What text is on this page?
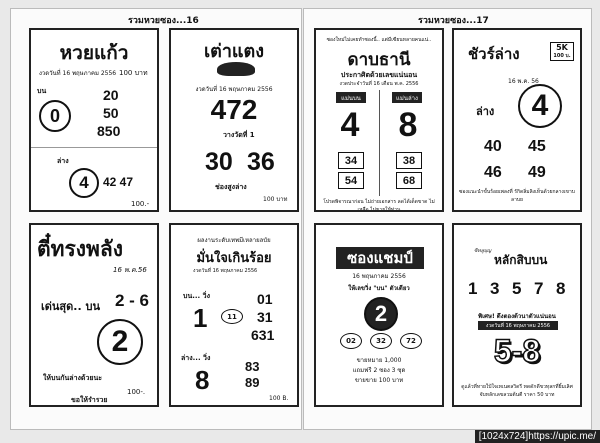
รวมหวยซอง...16	รวมหวยซอง...17
หวยแก้ว
งวดวันที่ 16 พฤษภาคม 2556 100 บาท
บน
0
20
50
850
ล่าง
4 42 47
100.-
เต่าแตง
งวดวันที่ 16 พฤษภาคม 2556
472
วางวัดที่ 1
30 36
ช่องสูงล่าง
100 บาท
ซองใหม่ไม่เคยทำซองนี้.. แต่มีเซียนหลายคนแน่..
ดาบธานี
ประกาศิตด้วยเลขแน่นอน
งวดประจำวันที่ 16 เดือน พ.ค. 2556
แม่นบน	แม่นล่าง
4	8
34	38
54	68
โปรดพิจารณาก่อน ไม่ถ่ายเอกสาร ลดได้เด็ดขาด ไม่เหลือ ไม่ขายให้ท่าน
ชัวร์ล่าง	5K
100 บ.
16 พ.ค. 56
ล่าง 4
40 45
46 49
ซองแนะนำขั้นร้อยเพลงที่ รักิดลิ่มลิงเห็นด้วยกลางเขาบลาบย
ตี๋ทรงพลัง
16 พ.ค.56
เด่นสุด.. บน 2 - 6
2
ให้บนกันล่างด้วยนะ
100-.
ขอให้รำรวย
ผลงานระดับเทพมีเหลายลบัย
มั่นใจเกินร้อย
งวดวันที่ 16 พฤษภาคม 2556
บน... วิ่ง
1	11
01
31
631
ล่าง... วิ่ง
8	83
89
100 B.
ซองแชมป์
16 พฤษภาคม 2556
ให้เลขวิ่ง "บน" ตัวเดียว
2
02	32	72
ขายหมาย 1,000
แถมฟรี 2 ซอง 3 ซุด
ขายขาย 100 บาท
ซิหลูบุญ
หลักสิบบน
1 3 5 7 8
พิเศษ! ดึงตองด้วนาตัวแน่นอน
งวดวันที่ 16 พฤษภาคม 2556
5-8
ดูแล้วที่ทายใบ้ใจเทเนตลวิดรี ทดดักดีขวทุลกที่ยิ้มเลิศ
จับหลักเลขลวมต้นตี ราคา 50 บาท
[1024x724]https://upic.me/
